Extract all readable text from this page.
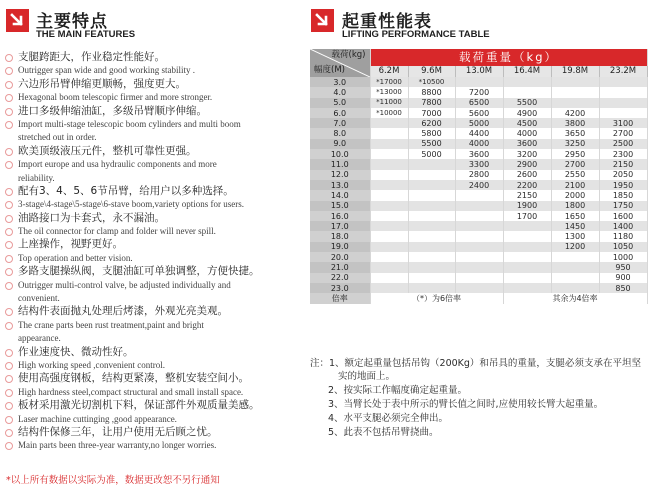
主要特点
THE MAIN FEATURES
起重性能表
LIFTING PERFORMANCE TABLE
支腿跨距大，作业稳定性能好。
Outrigger span wide and good working stability .
六边形吊臂伸缩更顺畅，强度更大。
Hexagonal boom telescopic firmer and more stronger.
进口多级伸缩油缸，多级吊臂顺序伸缩。
Import multi-stage telescopic boom cylinders and multi boom
stretched out in order.
欧美顶级液压元件，整机可靠性更强。
Import europe and usa hydraulic components and more
reliability.
配有3、4、5、6节吊臂，给用户以多种选择。
3-stage\4-stage\5-stage\6-stave boom,variety options for users.
油路接口为卡套式，永不漏油。
The oil connector for clamp and folder will never spill.
上座操作，视野更好。
Top operation and better vision.
多路支腿操纵阀，支腿油缸可单独调整，方便快捷。
Outrigger multi-control valve, be adjusted individually and
convenient.
结构件表面抛丸处理后烤漆，外观光亮美观。
The crane parts been rust treatment,paint and bright
appearance.
作业速度快、微动性好。
High working speed ,convenient control.
使用高强度钢板，结构更紧凑，整机安装空间小。
High hardness steel,compact structural and small install space.
板材采用激光切割机下料，保证部件外观质量美感。
Laser machine cuttinging ,good appearance.
结构件保修三年，让用户使用无后顾之忧。
Main parts been three-year warranty,no longer worries.
*以上所有数据以实际为准，数据更改恕不另行通知
载荷(kg)
幅度(M)	载荷重量（kg）					
	6.2M	9.6M	13.0M	16.4M	19.8M	23.2M
3.0	*17000	*10500				
4.0	*13000	8800	7200			
5.0	*11000	7800	6500	5500		
6.0	*10000	7000	5600	4900	4200	
7.0		6200	5000	4500	3800	3100
8.0		5800	4400	4000	3650	2700
9.0		5500	4000	3600	3250	2500
10.0		5000	3600	3200	2950	2300
11.0			3300	2900	2700	2150
12.0			2800	2600	2550	2050
13.0			2400	2200	2100	1950
14.0				2150	2000	1850
15.0				1900	1800	1750
16.0				1700	1650	1600
17.0					1450	1400
18.0					1300	1180
19.0					1200	1050
20.0						1000
21.0						950
22.0						900
23.0						850
倍率	（*）为6倍率			其余为4倍率		
注：1、额定起重量包括吊钩（200Kg）和吊具的重量，支腿必须支承在平坦坚
实的地面上。
2、按实际工作幅度确定起重量。
3、当臂长处于表中所示的臂长值之间时,应使用较长臂大起重量。
4、水平支腿必须完全伸出。
5、此表不包括吊臂挠曲。
